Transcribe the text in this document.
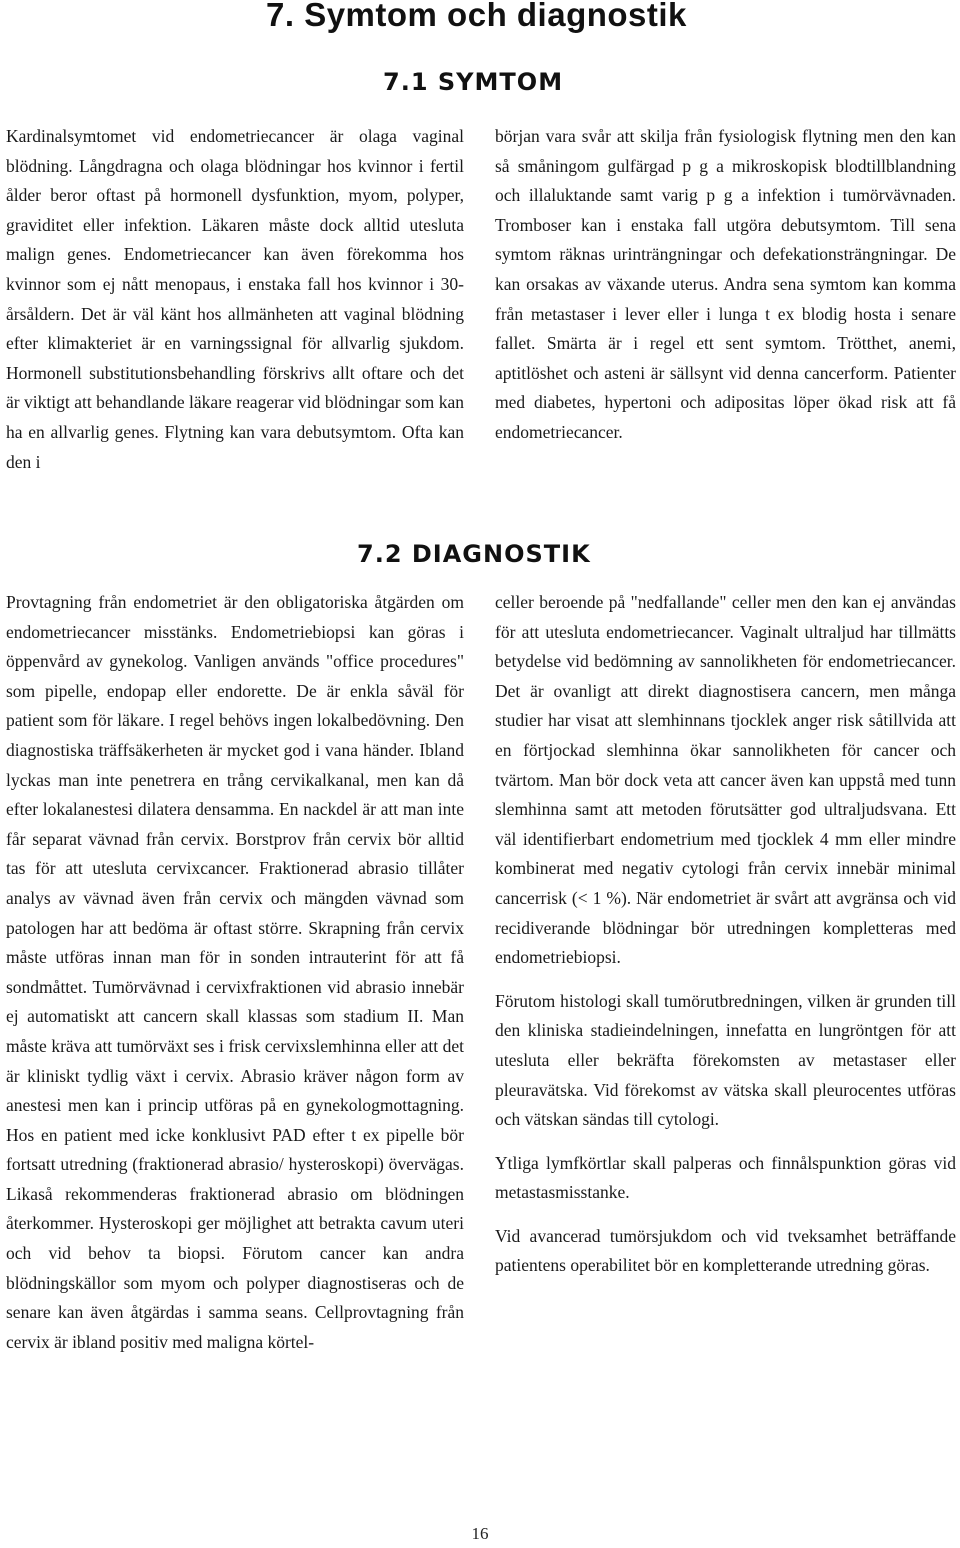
7. Symtom och diagnostik
7.1 SYMTOM

Kardinalsymtomet vid endometriecancer är olaga vaginal blödning. Långdragna och olaga blödningar hos kvinnor i fertil ålder beror oftast på hormonell dysfunktion, myom, polyper, graviditet eller infektion. Läkaren måste dock alltid utesluta malign genes. Endometriecancer kan även förekomma hos kvinnor som ej nått menopaus, i enstaka fall hos kvinnor i 30-årsåldern. Det är väl känt hos allmänheten att vaginal blödning efter klimakteriet är en varningssignal för allvarlig sjukdom. Hormonell substitutionsbehandling förskrivs allt oftare och det är viktigt att behandlande läkare reagerar vid blödningar som kan ha en allvarlig genes. Flytning kan vara debutsymtom. Ofta kan den i

början vara svår att skilja från fysiologisk flytning men den kan så småningom gulfärgad p g a mikroskopisk blodtillblandning och illaluktande samt varig p g a infektion i tumörvävnaden. Tromboser kan i enstaka fall utgöra debutsymtom. Till sena symtom räknas urinträngningar och defekationsträngningar. De kan orsakas av växande uterus. Andra sena symtom kan komma från metastaser i lever eller i lunga t ex blodig hosta i senare fallet. Smärta är i regel ett sent symtom. Trötthet, anemi, aptitlöshet och asteni är sällsynt vid denna cancerform. Patienter med diabetes, hypertoni och adipositas löper ökad risk att få endometriecancer.

7.2 DIAGNOSTIK

Provtagning från endometriet är den obligatoriska åtgärden om endometriecancer misstänks. Endometriebiopsi kan göras i öppenvård av gynekolog. Vanligen används "office procedures" som pipelle, endopap eller endorette. De är enkla såväl för patient som för läkare. I regel behövs ingen lokalbedövning. Den diagnostiska träffsäkerheten är mycket god i vana händer. Ibland lyckas man inte penetrera en trång cervikalkanal, men kan då efter lokalanestesi dilatera densamma. En nackdel är att man inte får separat vävnad från cervix. Borstprov från cervix bör alltid tas för att utesluta cervixcancer. Fraktionerad abrasio tillåter analys av vävnad även från cervix och mängden vävnad som patologen har att bedöma är oftast större. Skrapning från cervix måste utföras innan man för in sonden intrauterint för att få sondmåttet. Tumörvävnad i cervixfraktionen vid abrasio innebär ej automatiskt att cancern skall klassas som stadium II. Man måste kräva att tumörväxt ses i frisk cervixslemhinna eller att det är kliniskt tydlig växt i cervix. Abrasio kräver någon form av anestesi men kan i princip utföras på en gynekologmottagning. Hos en patient med icke konklusivt PAD efter t ex pipelle bör fortsatt utredning (fraktionerad abrasio/ hysteroskopi) övervägas. Likaså rekommenderas fraktionerad abrasio om blödningen återkommer. Hysteroskopi ger möjlighet att betrakta cavum uteri och vid behov ta biopsi. Förutom cancer kan andra blödningskällor som myom och polyper diagnostiseras och de senare kan även åtgärdas i samma seans. Cellprovtagning från cervix är ibland positiv med maligna körtel-

celler beroende på "nedfallande" celler men den kan ej användas för att utesluta endometriecancer. Vaginalt ultraljud har tillmätts betydelse vid bedömning av sannolikheten för endometriecancer. Det är ovanligt att direkt diagnostisera cancern, men många studier har visat att slemhinnans tjocklek anger risk såtillvida att en förtjockad slemhinna ökar sannolikheten för cancer och tvärtom. Man bör dock veta att cancer även kan uppstå med tunn slemhinna samt att metoden förutsätter god ultraljudsvana. Ett väl identifierbart endometrium med tjocklek 4 mm eller mindre kombinerat med negativ cytologi från cervix innebär minimal cancerrisk (< 1 %). När endometriet är svårt att avgränsa och vid recidiverande blödningar bör utredningen kompletteras med endometriebiopsi.

Förutom histologi skall tumörutbredningen, vilken är grunden till den kliniska stadieindelningen, innefatta en lungröntgen för att utesluta eller bekräfta förekomsten av metastaser eller pleuravätska. Vid förekomst av vätska skall pleurocentes utföras och vätskan sändas till cytologi.

Ytliga lymfkörtlar skall palperas och finnålspunktion göras vid metastasmisstanke.

Vid avancerad tumörsjukdom och vid tveksamhet beträffande patientens operabilitet bör en kompletterande utredning göras.

16
